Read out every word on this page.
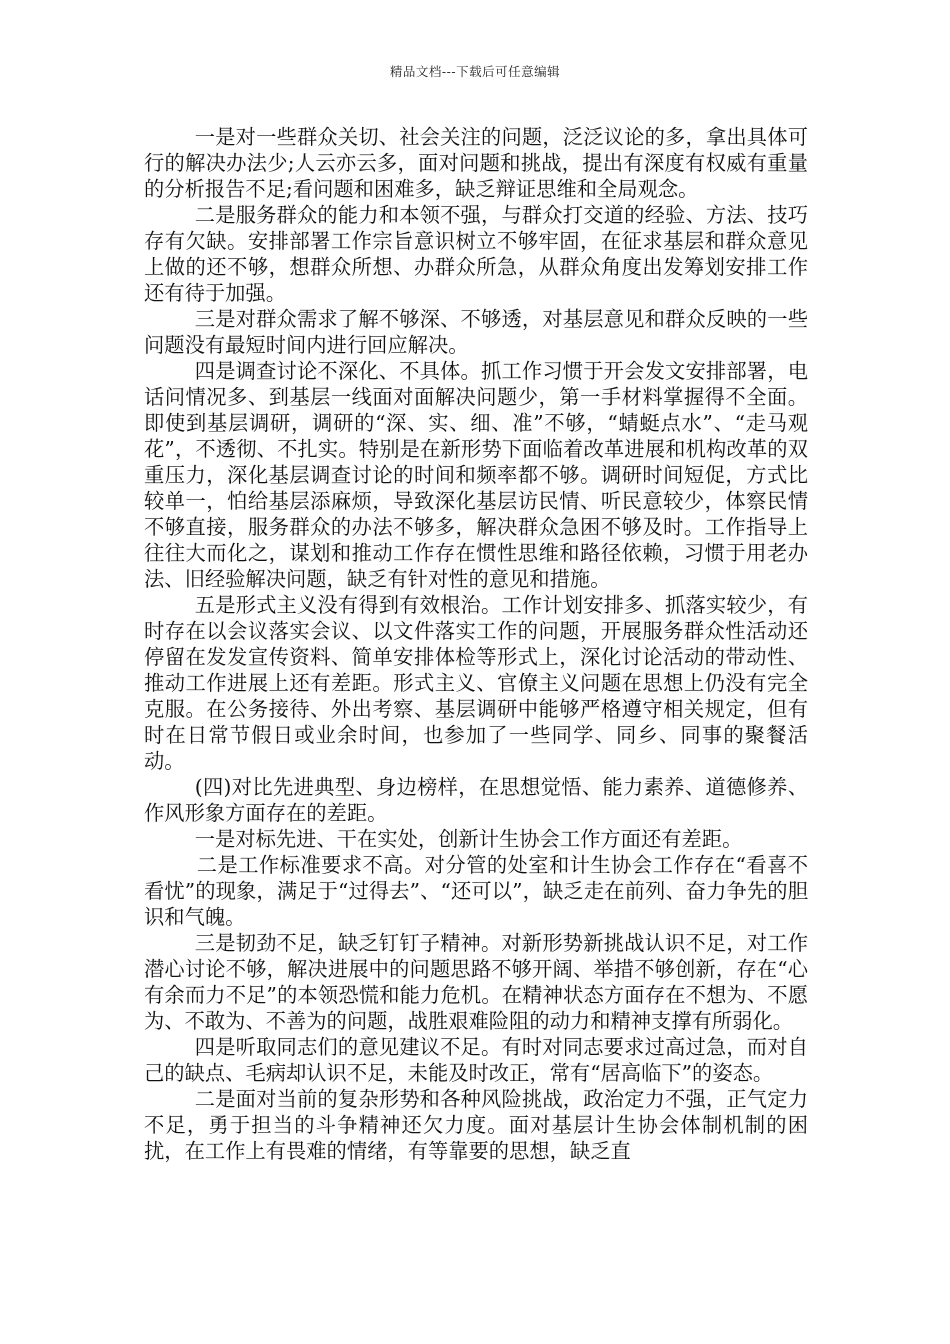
精品文档---下载后可任意编辑

一是对一些群众关切、社会关注的问题，泛泛议论的多，拿出具体可行的解决办法少;人云亦云多，面对问题和挑战，提出有深度有权威有重量的分析报告不足;看问题和困难多，缺乏辩证思维和全局观念。

二是服务群众的能力和本领不强，与群众打交道的经验、方法、技巧存有欠缺。安排部署工作宗旨意识树立不够牢固，在征求基层和群众意见上做的还不够，想群众所想、办群众所急，从群众角度出发筹划安排工作还有待于加强。

三是对群众需求了解不够深、不够透，对基层意见和群众反映的一些问题没有最短时间内进行回应解决。

四是调查讨论不深化、不具体。抓工作习惯于开会发文安排部署，电话问情况多、到基层一线面对面解决问题少，第一手材料掌握得不全面。即使到基层调研，调研的“深、实、细、准”不够，“蜻蜓点水”、“走马观花”，不透彻、不扎实。特别是在新形势下面临着改革进展和机构改革的双重压力，深化基层调查讨论的时间和频率都不够。调研时间短促，方式比较单一，怕给基层添麻烦，导致深化基层访民情、听民意较少，体察民情不够直接，服务群众的办法不够多，解决群众急困不够及时。工作指导上往往大而化之，谋划和推动工作存在惯性思维和路径依赖，习惯于用老办法、旧经验解决问题，缺乏有针对性的意见和措施。

五是形式主义没有得到有效根治。工作计划安排多、抓落实较少，有时存在以会议落实会议、以文件落实工作的问题，开展服务群众性活动还停留在发发宣传资料、简单安排体检等形式上，深化讨论活动的带动性、推动工作进展上还有差距。形式主义、官僚主义问题在思想上仍没有完全克服。在公务接待、外出考察、基层调研中能够严格遵守相关规定，但有时在日常节假日或业余时间，也参加了一些同学、同乡、同事的聚餐活动。

(四)对比先进典型、身边榜样，在思想觉悟、能力素养、道德修养、作风形象方面存在的差距。

一是对标先进、干在实处，创新计生协会工作方面还有差距。

二是工作标准要求不高。对分管的处室和计生协会工作存在“看喜不看忧”的现象，满足于“过得去”、“还可以”，缺乏走在前列、奋力争先的胆识和气魄。

三是韧劲不足，缺乏钉钉子精神。对新形势新挑战认识不足，对工作潜心讨论不够，解决进展中的问题思路不够开阔、举措不够创新，存在“心有余而力不足”的本领恐慌和能力危机。在精神状态方面存在不想为、不愿为、不敢为、不善为的问题，战胜艰难险阻的动力和精神支撑有所弱化。

四是听取同志们的意见建议不足。有时对同志要求过高过急，而对自己的缺点、毛病却认识不足，未能及时改正，常有“居高临下”的姿态。

二是面对当前的复杂形势和各种风险挑战，政治定力不强，正气定力不足，勇于担当的斗争精神还欠力度。面对基层计生协会体制机制的困扰，在工作上有畏难的情绪，有等靠要的思想，缺乏直
